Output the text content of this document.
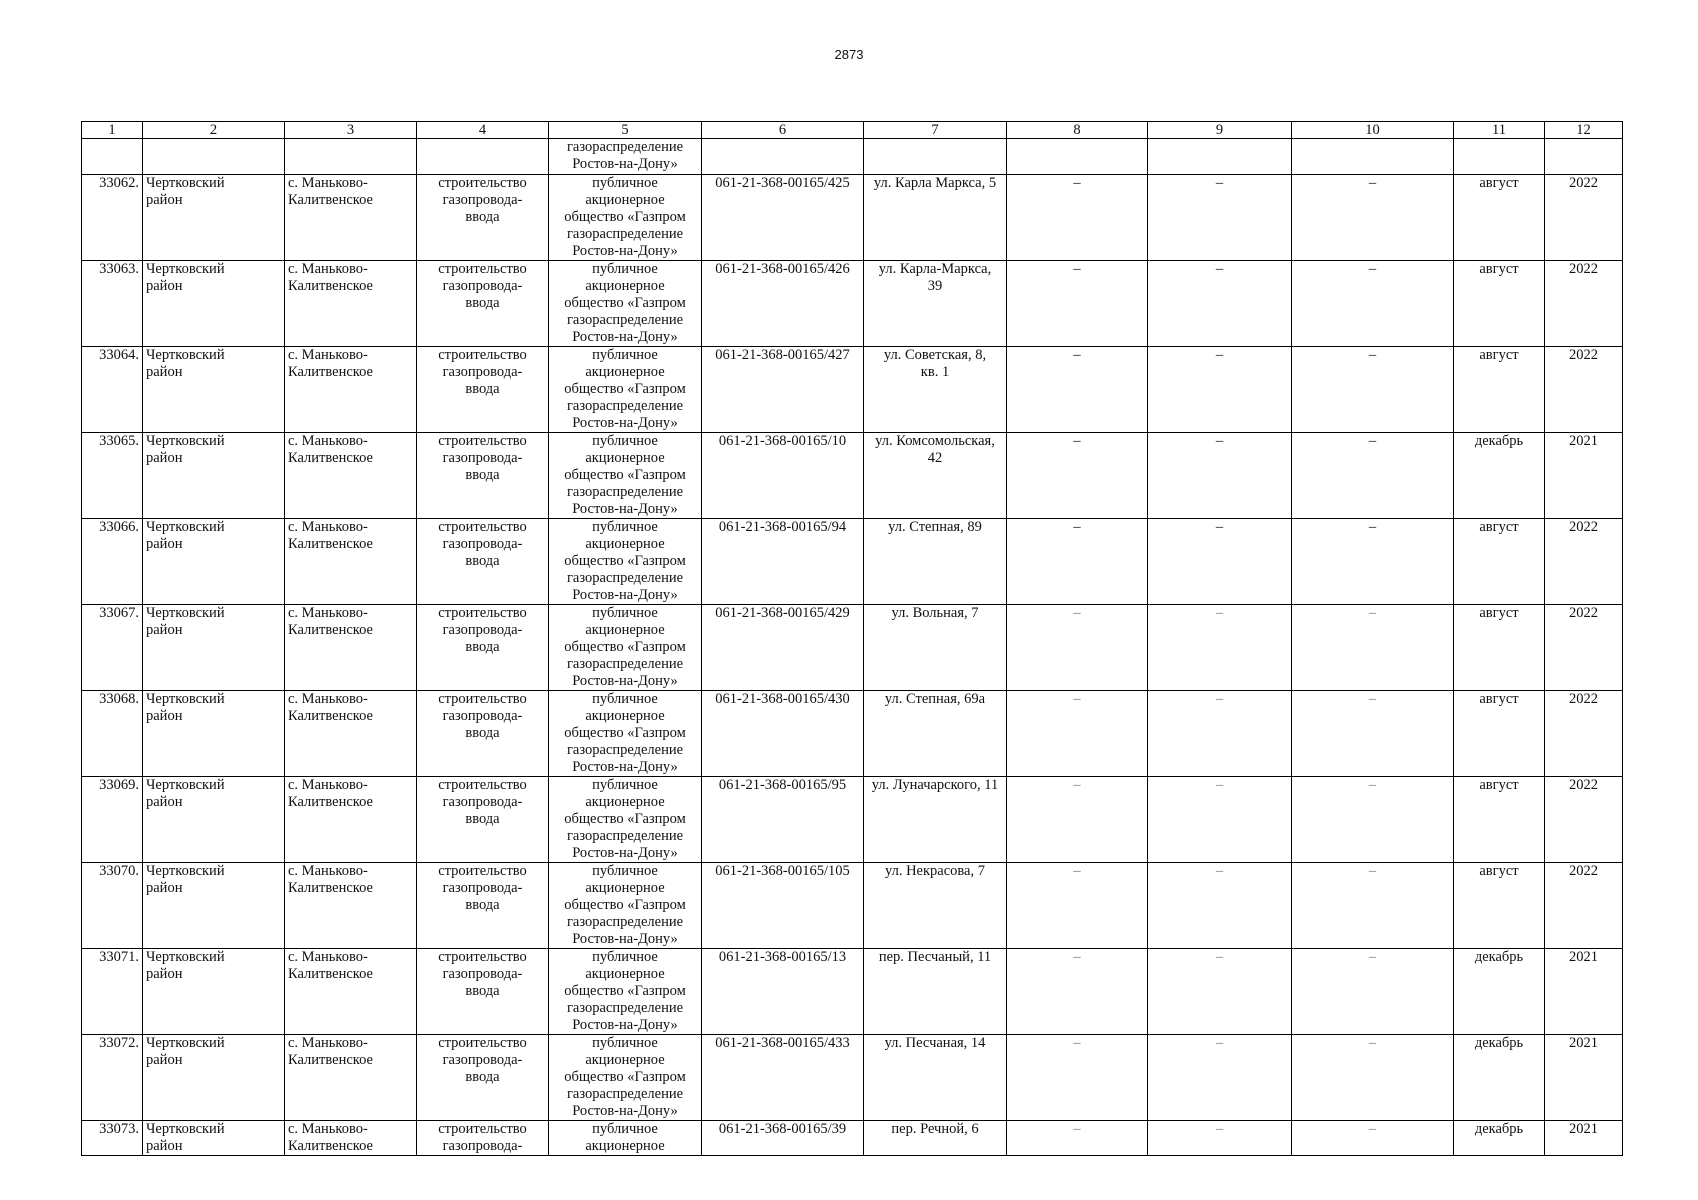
2873
1	2	3	4	5	6	7	8	9	10	11	12
				газораспределение
Ростов-на-Дону»							
33062.	Чертковский
район	с. Маньково-
Калитвенское	строительство
газопровода-
ввода	публичное
акционерное
общество «Газпром
газораспределение
Ростов-на-Дону»	061-21-368-00165/425	ул. Карла Маркса, 5	–	–	–	август	2022
33063.	Чертковский
район	с. Маньково-
Калитвенское	строительство
газопровода-
ввода	публичное
акционерное
общество «Газпром
газораспределение
Ростов-на-Дону»	061-21-368-00165/426	ул. Карла-Маркса,
39	–	–	–	август	2022
33064.	Чертковский
район	с. Маньково-
Калитвенское	строительство
газопровода-
ввода	публичное
акционерное
общество «Газпром
газораспределение
Ростов-на-Дону»	061-21-368-00165/427	ул. Советская, 8,
кв. 1	–	–	–	август	2022
33065.	Чертковский
район	с. Маньково-
Калитвенское	строительство
газопровода-
ввода	публичное
акционерное
общество «Газпром
газораспределение
Ростов-на-Дону»	061-21-368-00165/10	ул. Комсомольская,
42	–	–	–	декабрь	2021
33066.	Чертковский
район	с. Маньково-
Калитвенское	строительство
газопровода-
ввода	публичное
акционерное
общество «Газпром
газораспределение
Ростов-на-Дону»	061-21-368-00165/94	ул. Степная, 89	–	–	–	август	2022
33067.	Чертковский
район	с. Маньково-
Калитвенское	строительство
газопровода-
ввода	публичное
акционерное
общество «Газпром
газораспределение
Ростов-на-Дону»	061-21-368-00165/429	ул. Вольная, 7	–	–	–	август	2022
33068.	Чертковский
район	с. Маньково-
Калитвенское	строительство
газопровода-
ввода	публичное
акционерное
общество «Газпром
газораспределение
Ростов-на-Дону»	061-21-368-00165/430	ул. Степная, 69а	–	–	–	август	2022
33069.	Чертковский
район	с. Маньково-
Калитвенское	строительство
газопровода-
ввода	публичное
акционерное
общество «Газпром
газораспределение
Ростов-на-Дону»	061-21-368-00165/95	ул. Луначарского, 11	–	–	–	август	2022
33070.	Чертковский
район	с. Маньково-
Калитвенское	строительство
газопровода-
ввода	публичное
акционерное
общество «Газпром
газораспределение
Ростов-на-Дону»	061-21-368-00165/105	ул. Некрасова, 7	–	–	–	август	2022
33071.	Чертковский
район	с. Маньково-
Калитвенское	строительство
газопровода-
ввода	публичное
акционерное
общество «Газпром
газораспределение
Ростов-на-Дону»	061-21-368-00165/13	пер. Песчаный, 11	–	–	–	декабрь	2021
33072.	Чертковский
район	с. Маньково-
Калитвенское	строительство
газопровода-
ввода	публичное
акционерное
общество «Газпром
газораспределение
Ростов-на-Дону»	061-21-368-00165/433	ул. Песчаная, 14	–	–	–	декабрь	2021
33073.	Чертковский
район	с. Маньково-
Калитвенское	строительство
газопровода-	публичное
акционерное	061-21-368-00165/39	пер. Речной, 6	–	–	–	декабрь	2021
